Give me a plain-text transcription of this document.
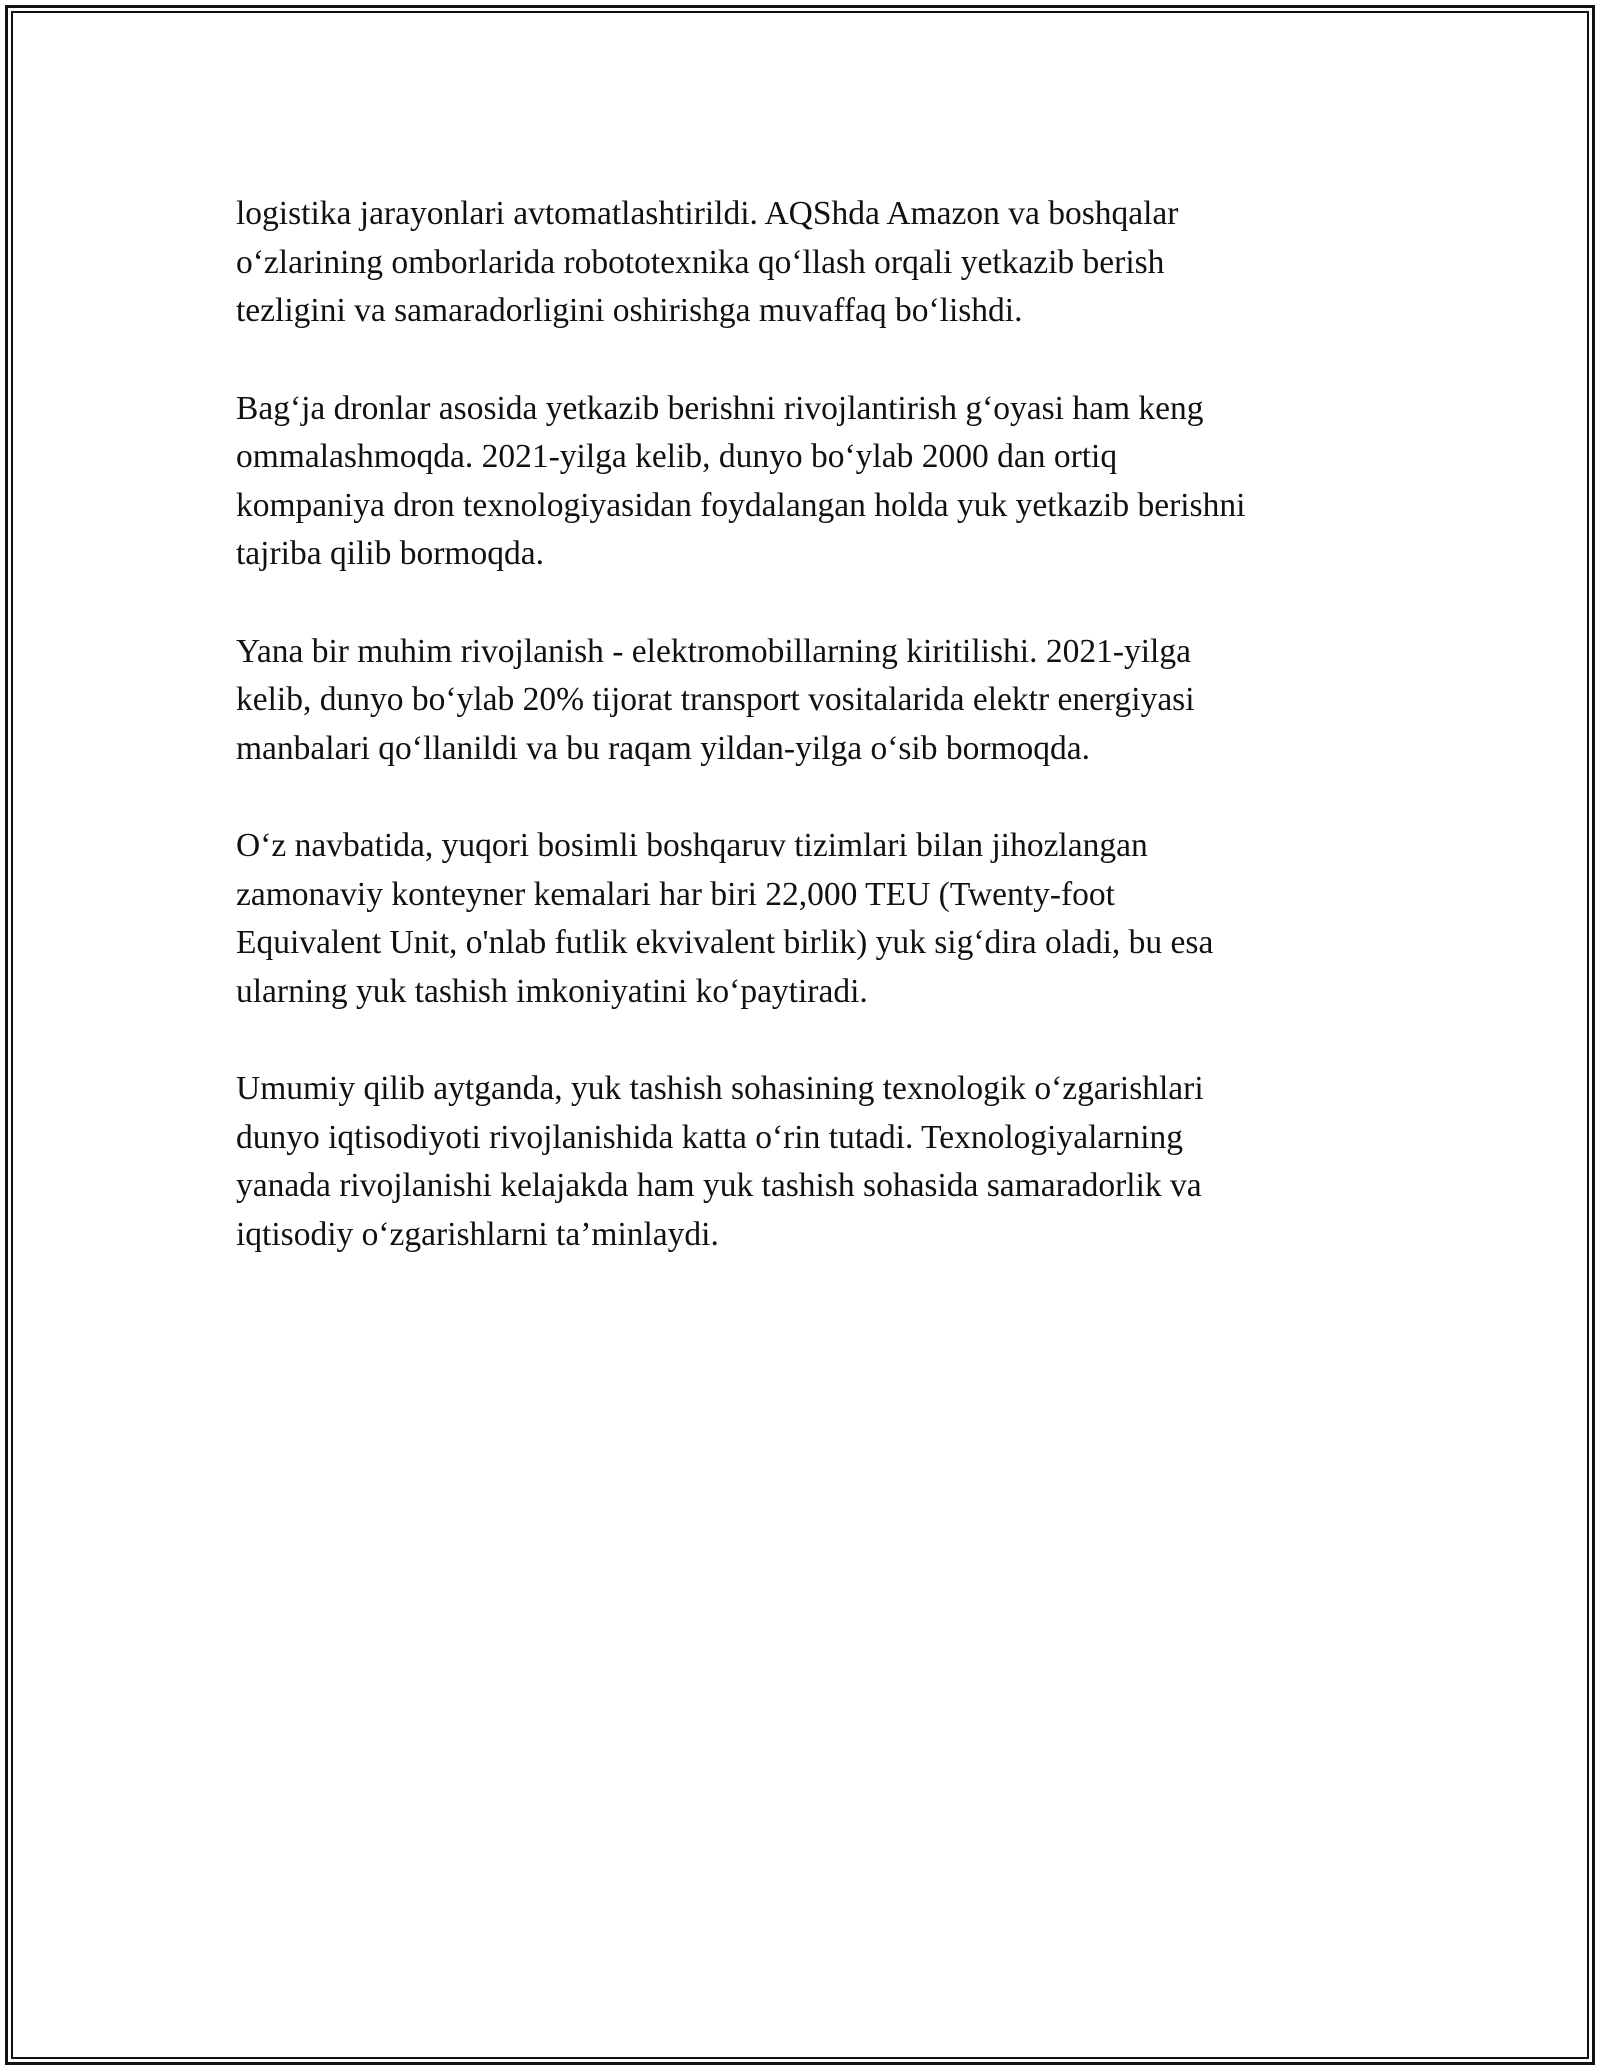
logistika jarayonlari avtomatlashtirildi. AQShda Amazon va boshqalar
o‘zlarining omborlarida robototexnika qo‘llash orqali yetkazib berish
tezligini va samaradorligini oshirishga muvaffaq bo‘lishdi.

Bag‘ja dronlar asosida yetkazib berishni rivojlantirish g‘oyasi ham keng
ommalashmoqda. 2021-yilga kelib, dunyo bo‘ylab 2000 dan ortiq
kompaniya dron texnologiyasidan foydalangan holda yuk yetkazib berishni
tajriba qilib bormoqda.

Yana bir muhim rivojlanish - elektromobillarning kiritilishi. 2021-yilga
kelib, dunyo bo‘ylab 20% tijorat transport vositalarida elektr energiyasi
manbalari qo‘llanildi va bu raqam yildan-yilga o‘sib bormoqda.

O‘z navbatida, yuqori bosimli boshqaruv tizimlari bilan jihozlangan
zamonaviy konteyner kemalari har biri 22,000 TEU (Twenty-foot
Equivalent Unit, o'nlab futlik ekvivalent birlik) yuk sig‘dira oladi, bu esa
ularning yuk tashish imkoniyatini ko‘paytiradi.

Umumiy qilib aytganda, yuk tashish sohasining texnologik o‘zgarishlari
dunyo iqtisodiyoti rivojlanishida katta o‘rin tutadi. Texnologiyalarning
yanada rivojlanishi kelajakda ham yuk tashish sohasida samaradorlik va
iqtisodiy o‘zgarishlarni ta’minlaydi.
